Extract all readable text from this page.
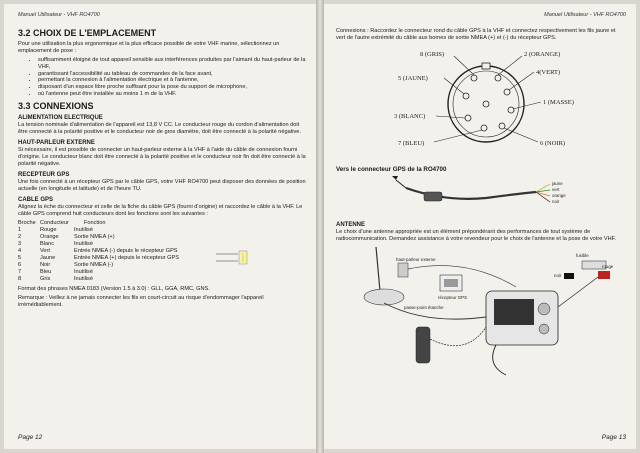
Manuel Utilisateur - VHF RO4700
3.2 CHOIX DE L'EMPLACEMENT

Pour une utilisation la plus ergonomique et la plus efficace possible de votre VHF marine, sélectionnez un emplacement de pose :

• suffisamment éloigné de tout appareil sensible aux interférences produites par l'aimant du haut-parleur de la VHF,
• garantissant l'accessibilité au tableau de commandes de la face avant,
• permettant la connexion à l'alimentation électrique et à l'antenne,
• disposant d'un espace libre proche suffisant pour la pose du support de microphone,
• où l'antenne peut être installée au moins 1 m de la VHF.
3.3 CONNEXIONS
ALIMENTATION ELECTRIQUE

La tension nominale d'alimentation de l'appareil est 13,8 V CC. Le conducteur rouge du cordon d'alimentation doit être connecté à la polarité positive et le conducteur noir de gros diamètre, doit être connecté à la polarité négative.

HAUT-PARLEUR EXTERNE

Si nécessaire, il est possible de connecter un haut-parleur externe à la VHF à l'aide du câble de connexion fourni d'origine. Le conducteur blanc doit être connecté à la polarité positive et le conducteur noir fin doit être connecté à la polarité négative.

RECEPTEUR GPS

Une fois connecté à un récepteur GPS par le câble GPS, votre VHF RO4700 peut disposer des données de position actuelle (en longitude et latitude) et de l'heure TU.

CABLE GPS

Alignez la èche du connecteur et celle de la fiche du câble GPS (fourni d'origine) et raccordez le câble à la VHF. Le câble GPS comprend huit conducteurs dont les fonctions sont les suivantes :

Broche Conducteur	Fonction
1	Rouge	Inutilisé
2	Orange	Sortie NMEA (+)
3	Blanc	Inutilisé
4	Vert	Entrée NMEA (-) depuis le récepteur GPS
5	Jaune	Entrée NMEA (+) depuis le récepteur GPS
6	Noir	Sortie NMEA (-)
7	Bleu	Inutilisé
8	Gris	Inutilisé

Format des phrases NMEA 0183 (Version 1.5 à 3.0) : GLL, GGA, RMC, GNS.

Remarque : Veillez à ne jamais connecter les fils en court-circuit au risque d'endommager l'appareil irrémédiablement.

Page 12
Manuel Utilisateur - VHF RO4700

Connexions : Raccordez le connecteur rond du câble GPS à la VHF et connectez respectivement les fils jaune et vert de l'autre extrémité du câble aux bornes de sortie NMEA (+) et (-) du récepteur GPS.

8 (GRIS)	2 (ORANGE)
5 (JAUNE)
4(VERT)
1 (MASSE)
3 (BLANC)
7 (BLEU)	6 (NOIR)
Vers le connecteur GPS de la RO4700
jaune
vert
orange
noir
ANTENNE

Le choix d'une antenne appropriée est un élément prépondérant des performances de tout système de radiocommunication. Demandez assistance à votre revendeur pour le choix de l'antenne et la pose de votre VHF.

haut-parleur externe
récepteur GPS
passe-point étanche
fusible
noir
rouge
Page 13
